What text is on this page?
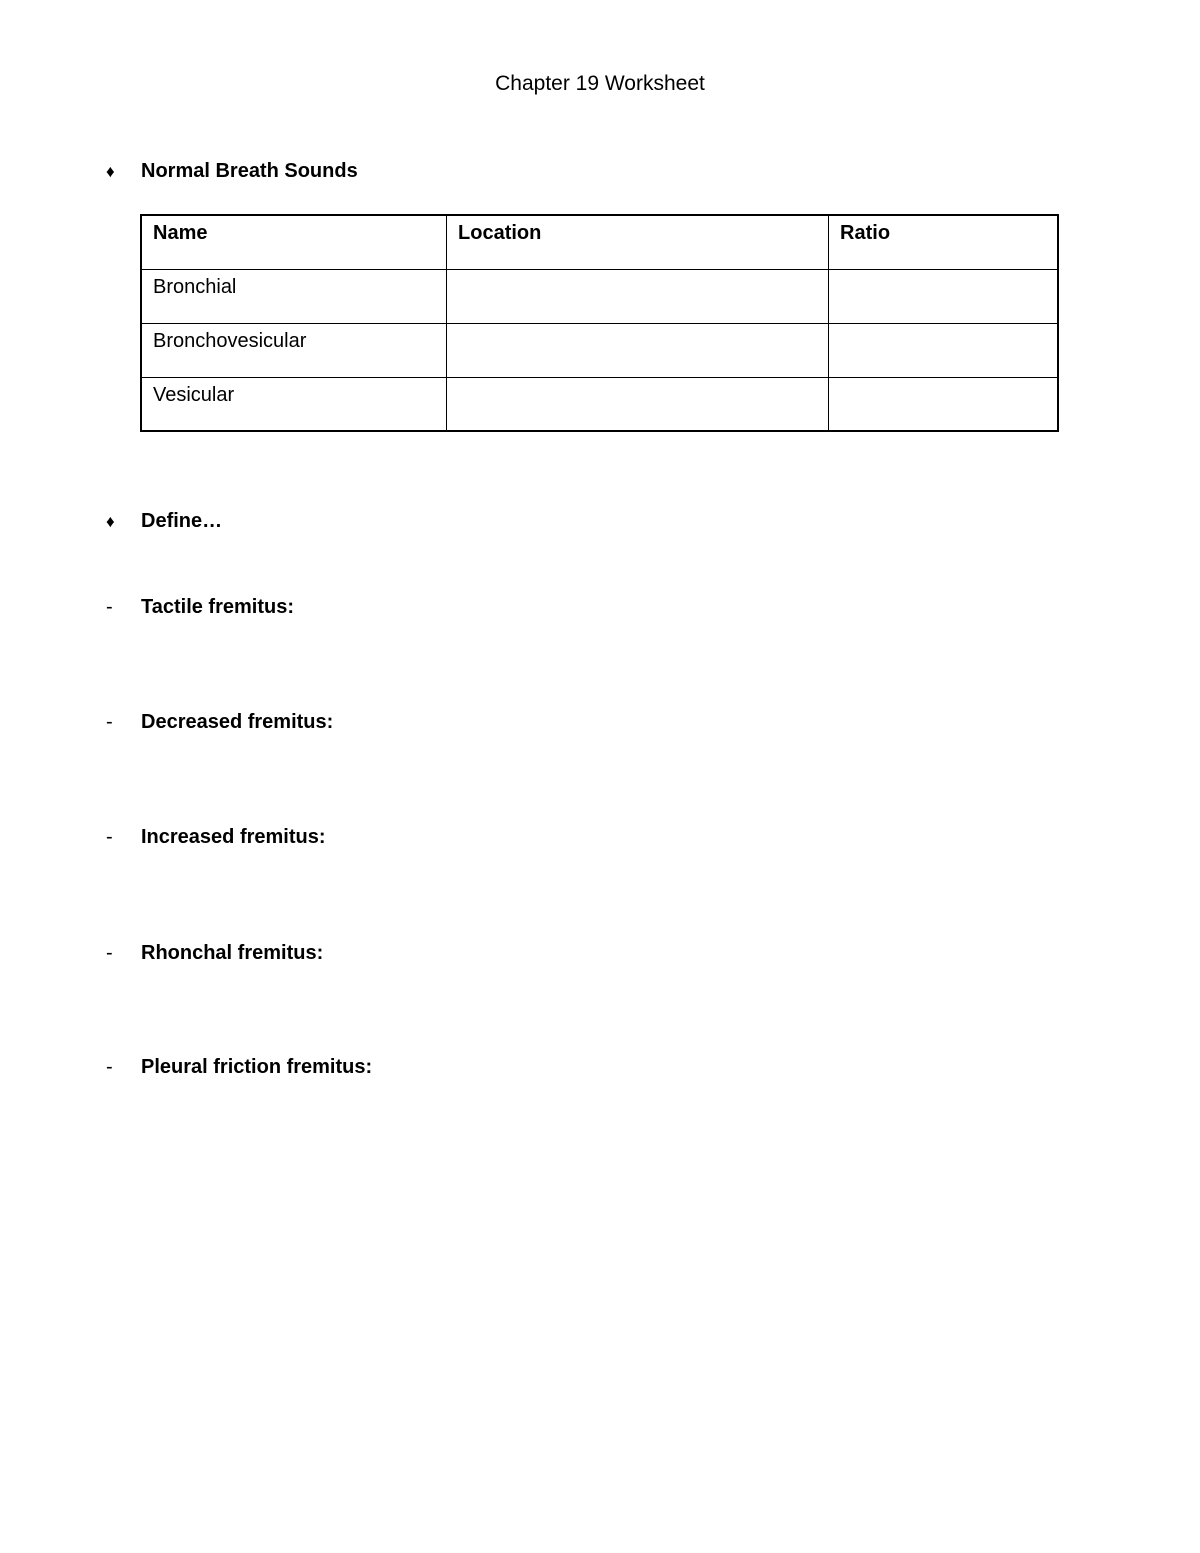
Chapter 19 Worksheet
♦ Normal Breath Sounds
Name	Location	Ratio
Bronchial		
Bronchovesicular		
Vesicular		
♦ Define…
- Tactile fremitus:
- Decreased fremitus:
- Increased fremitus:
- Rhonchal fremitus:
- Pleural friction fremitus:
